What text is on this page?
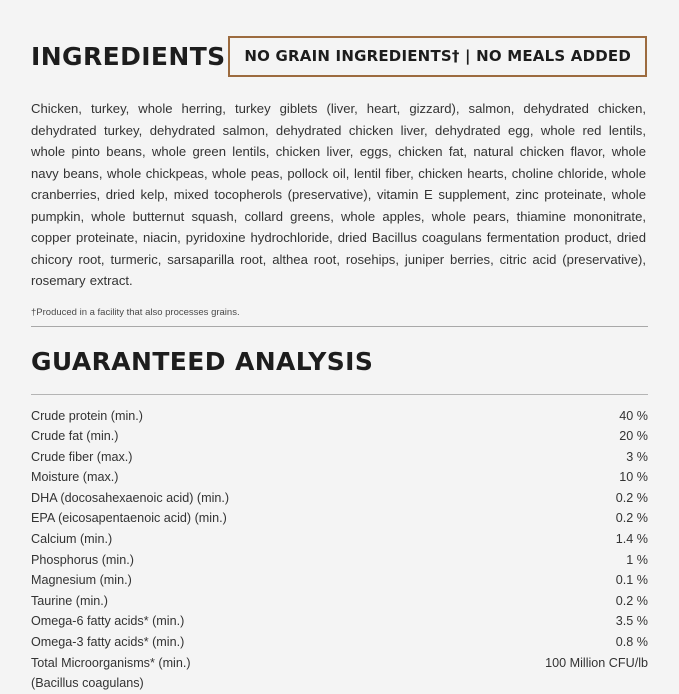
INGREDIENTS	NO GRAIN INGREDIENTS† | NO MEALS ADDED
Chicken, turkey, whole herring, turkey giblets (liver, heart, gizzard), salmon, dehydrated chicken, dehydrated turkey, dehydrated salmon, dehydrated chicken liver, dehydrated egg, whole red lentils, whole pinto beans, whole green lentils, chicken liver, eggs, chicken fat, natural chicken flavor, whole navy beans, whole chickpeas, whole peas, pollock oil, lentil fiber, chicken hearts, choline chloride, whole cranberries, dried kelp, mixed tocopherols (preservative), vitamin E supplement, zinc proteinate, whole pumpkin, whole butternut squash, collard greens, whole apples, whole pears, thiamine mononitrate, copper proteinate, niacin, pyridoxine hydrochloride, dried Bacillus coagulans fermentation product, dried chicory root, turmeric, sarsaparilla root, althea root, rosehips, juniper berries, citric acid (preservative), rosemary extract.
†Produced in a facility that also processes grains.
GUARANTEED ANALYSIS
Crude protein (min.)	40 %
Crude fat (min.)	20 %
Crude fiber (max.)	3 %
Moisture (max.)	10 %
DHA (docosahexaenoic acid) (min.)	0.2 %
EPA (eicosapentaenoic acid) (min.)	0.2 %
Calcium (min.)	1.4 %
Phosphorus (min.)	1 %
Magnesium (min.)	0.1 %
Taurine (min.)	0.2 %
Omega-6 fatty acids* (min.)	3.5 %
Omega-3 fatty acids* (min.)	0.8 %
Total Microorganisms* (min.)	100 Million CFU/lb
(Bacillus coagulans)
